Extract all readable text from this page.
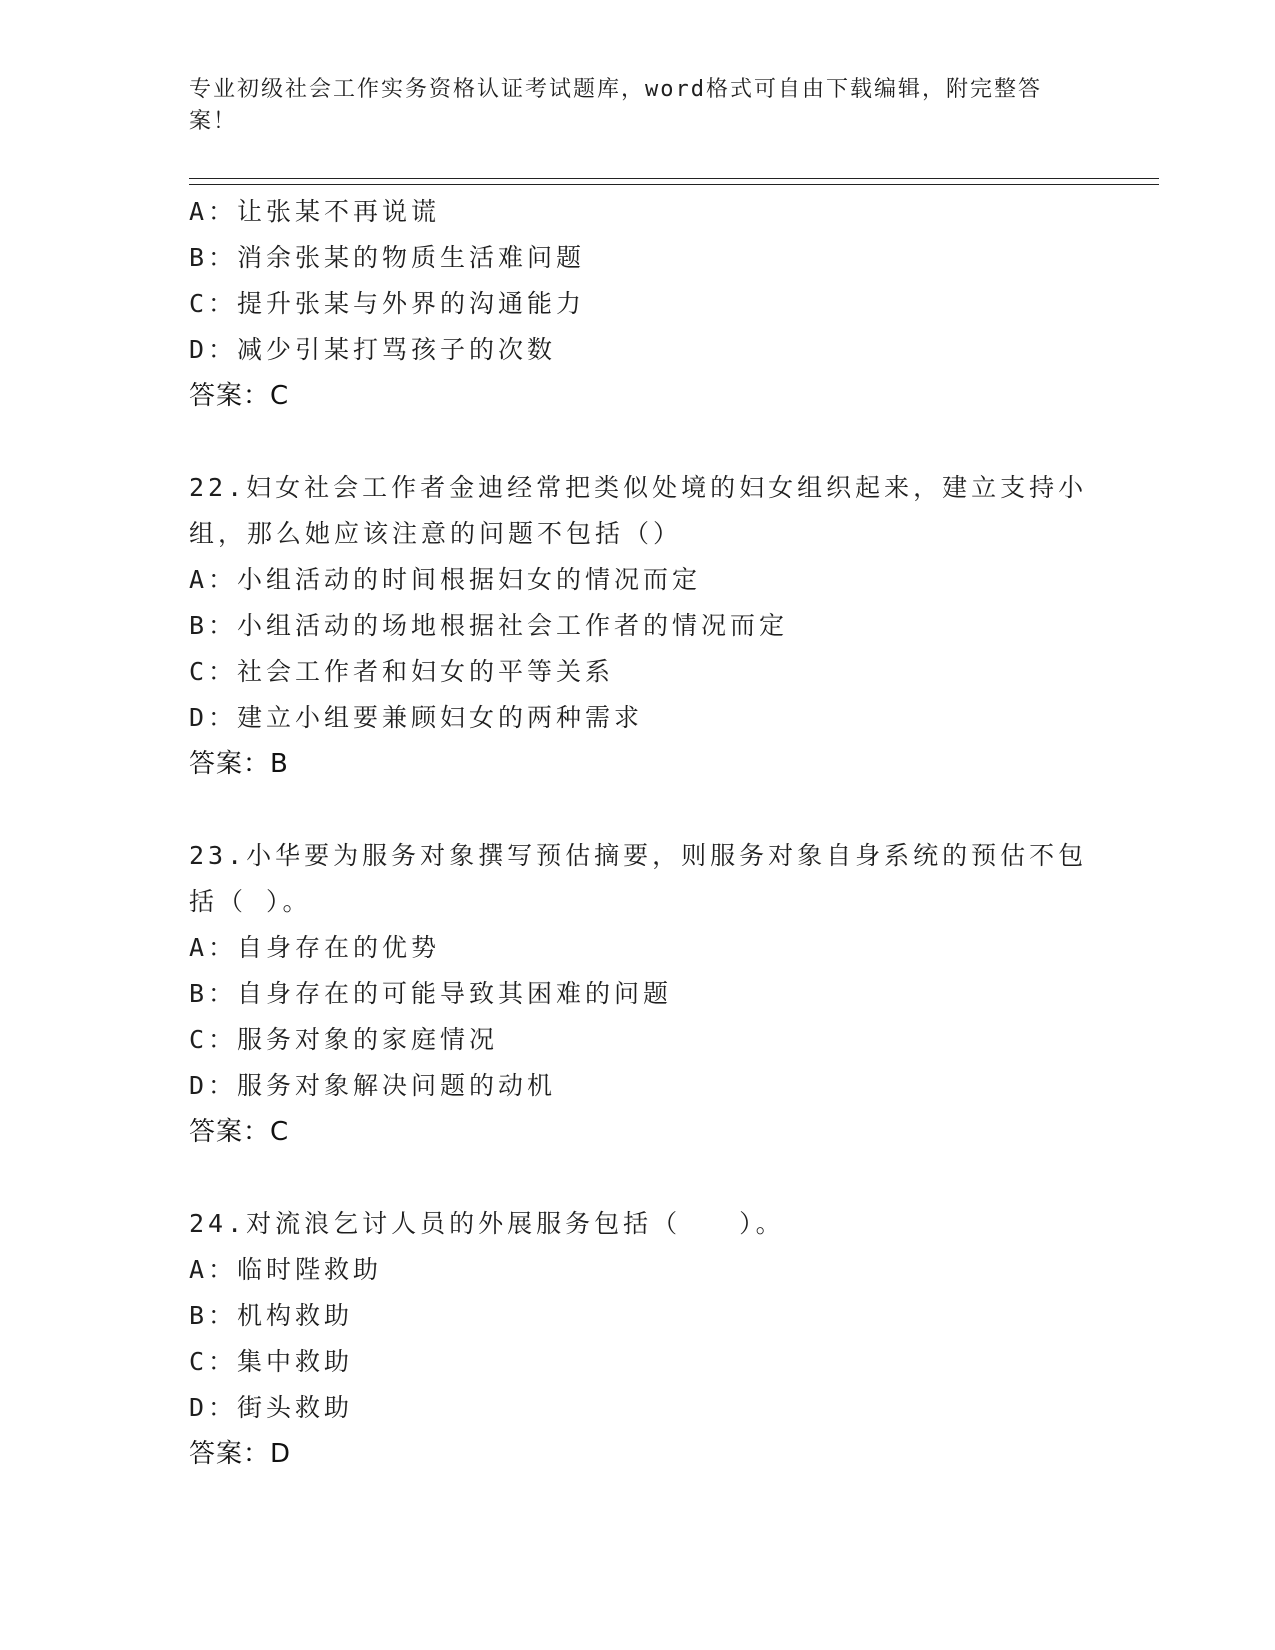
专业初级社会工作实务资格认证考试题库，word格式可自由下载编辑，附完整答
案！
A：让张某不再说谎
B：消余张某的物质生活难问题
C：提升张某与外界的沟通能力
D：减少引某打骂孩子的次数
答案：C
22.妇女社会工作者金迪经常把类似处境的妇女组织起来，建立支持小
组，那么她应该注意的问题不包括（）
A：小组活动的时间根据妇女的情况而定
B：小组活动的场地根据社会工作者的情况而定
C：社会工作者和妇女的平等关系
D：建立小组要兼顾妇女的两种需求
答案：B
23.小华要为服务对象撰写预估摘要，则服务对象自身系统的预估不包
括（ ）。
A：自身存在的优势
B：自身存在的可能导致其困难的问题
C：服务对象的家庭情况
D：服务对象解决问题的动机
答案：C
24.对流浪乞讨人员的外展服务包括（　　）。
A：临时陛救助
B：机构救助
C：集中救助
D：街头救助
答案：D
